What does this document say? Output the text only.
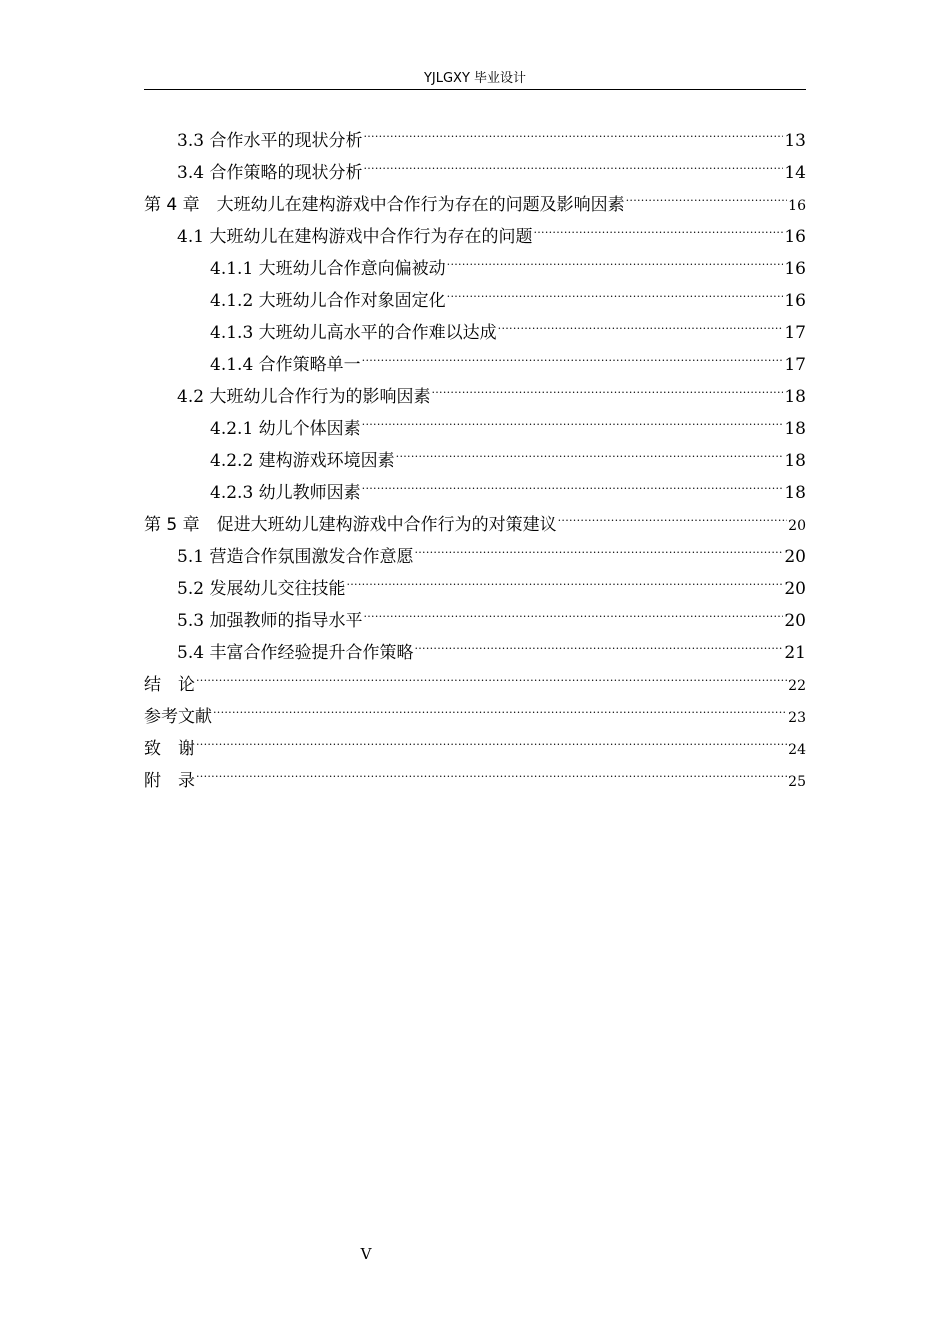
YJLGXY 毕业设计
3.3 合作水平的现状分析 .....	13
3.4 合作策略的现状分析 .....	14
第 4 章　大班幼儿在建构游戏中合作行为存在的问题及影响因素 .....	16
4.1 大班幼儿在建构游戏中合作行为存在的问题 .....	16
4.1.1 大班幼儿合作意向偏被动 .....	16
4.1.2 大班幼儿合作对象固定化 .....	16
4.1.3 大班幼儿高水平的合作难以达成 .....	17
4.1.4 合作策略单一 .....	17
4.2 大班幼儿合作行为的影响因素 .....	18
4.2.1 幼儿个体因素 .....	18
4.2.2 建构游戏环境因素 .....	18
4.2.3 幼儿教师因素 .....	18
第 5 章　促进大班幼儿建构游戏中合作行为的对策建议 .....	20
5.1 营造合作氛围激发合作意愿 .....	20
5.2 发展幼儿交往技能 .....	20
5.3 加强教师的指导水平 .....	20
5.4 丰富合作经验提升合作策略 .....	21
结　论 .....	22
参考文献 .....	23
致　谢 .....	24
附　录 .....	25
V
